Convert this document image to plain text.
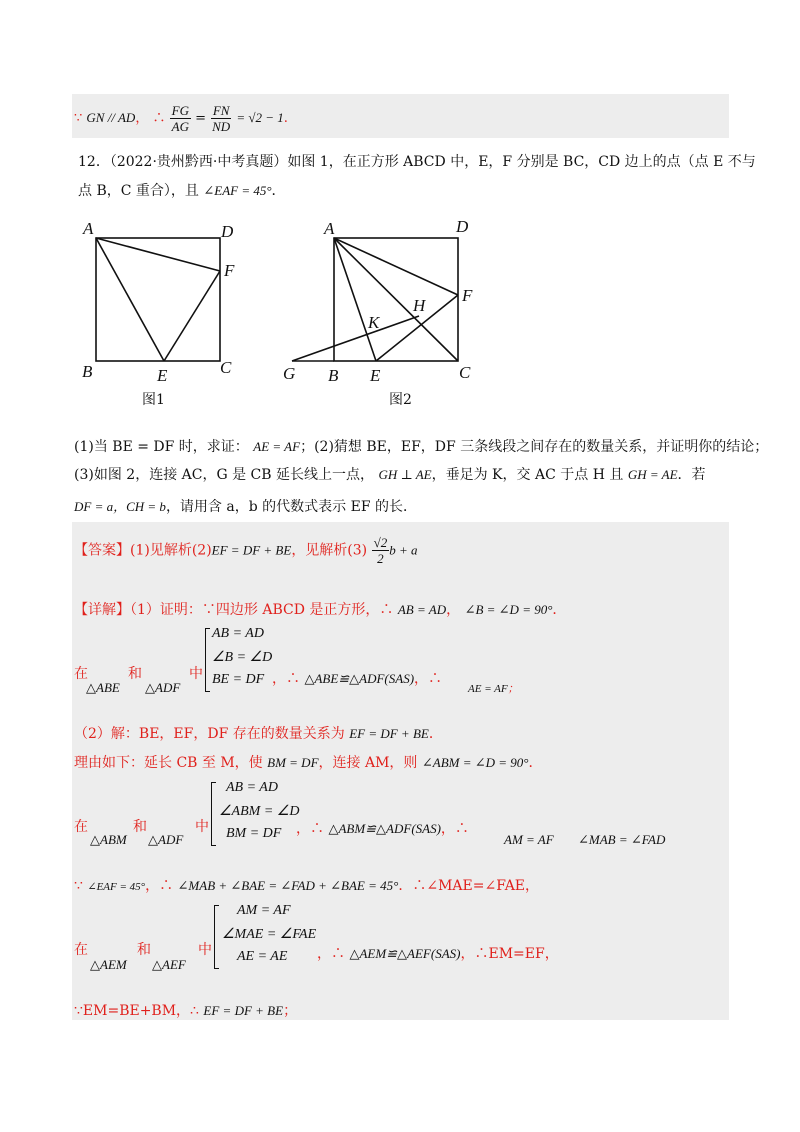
∵ GN // AD， ∴ $\frac{FG}{AG} = \frac{FN}{ND} = √2 - 1$.
12．（2022·贵州黔西·中考真题）如图 1，在正方形 ABCD 中，E，F 分别是 BC，CD 边上的点（点 E 不与
点 B，C 重合），且 ∠EAF = 45°．
A	D
F
B	E	C
图1
A	D
F
H
K
G B E	C
图2
(1)当 BE = DF 时，求证： AE = AF；(2)猜想 BE，EF，DF 三条线段之间存在的数量关系，并证明你的结论；
(3)如图 2，连接 AC，G 是 CB 延长线上一点， GH ⊥ AE，垂足为 K，交 AC 于点 H 且 GH = AE．若
DF = a，CH = b，请用含 a，b 的代数式表示 EF 的长．
【答案】(1)见解析(2)EF = DF + BE，见解析$(3) \frac{√2}{2}$ b + a
【详解】（1）证明：∵四边形 ABCD 是正方形，∴ AB = AD， ∠B = ∠D = 90°．
在	和	中
△ABE △ADF
AB = AD
∠B = ∠D
BE = DF ，∴ △ABE≌△ADF(SAS)，∴
AE = AF；
（2）解：BE，EF，DF 存在的数量关系为 EF = DF + BE．
理由如下：延长 CB 至 M，使 BM = DF，连接 AM，则 ∠ABM = ∠D = 90°．
在	和	中
△ABM △ADF
AB = AD
∠ABM = ∠D
BM = DF ，∴ △ABM≌△ADF(SAS)，∴
AM = AF ∠MAB = ∠FAD
∵ ∠EAF = 45°，∴ ∠MAB + ∠BAE = ∠FAD + ∠BAE = 45°．∴∠MAE=∠FAE，
在	和	中
△AEM △AEF
AM = AF
∠MAE = ∠FAE
AE = AE ，∴ △AEM≌△AEF(SAS)，∴EM=EF，
∵EM=BE+BM，∴ EF = DF + BE；
